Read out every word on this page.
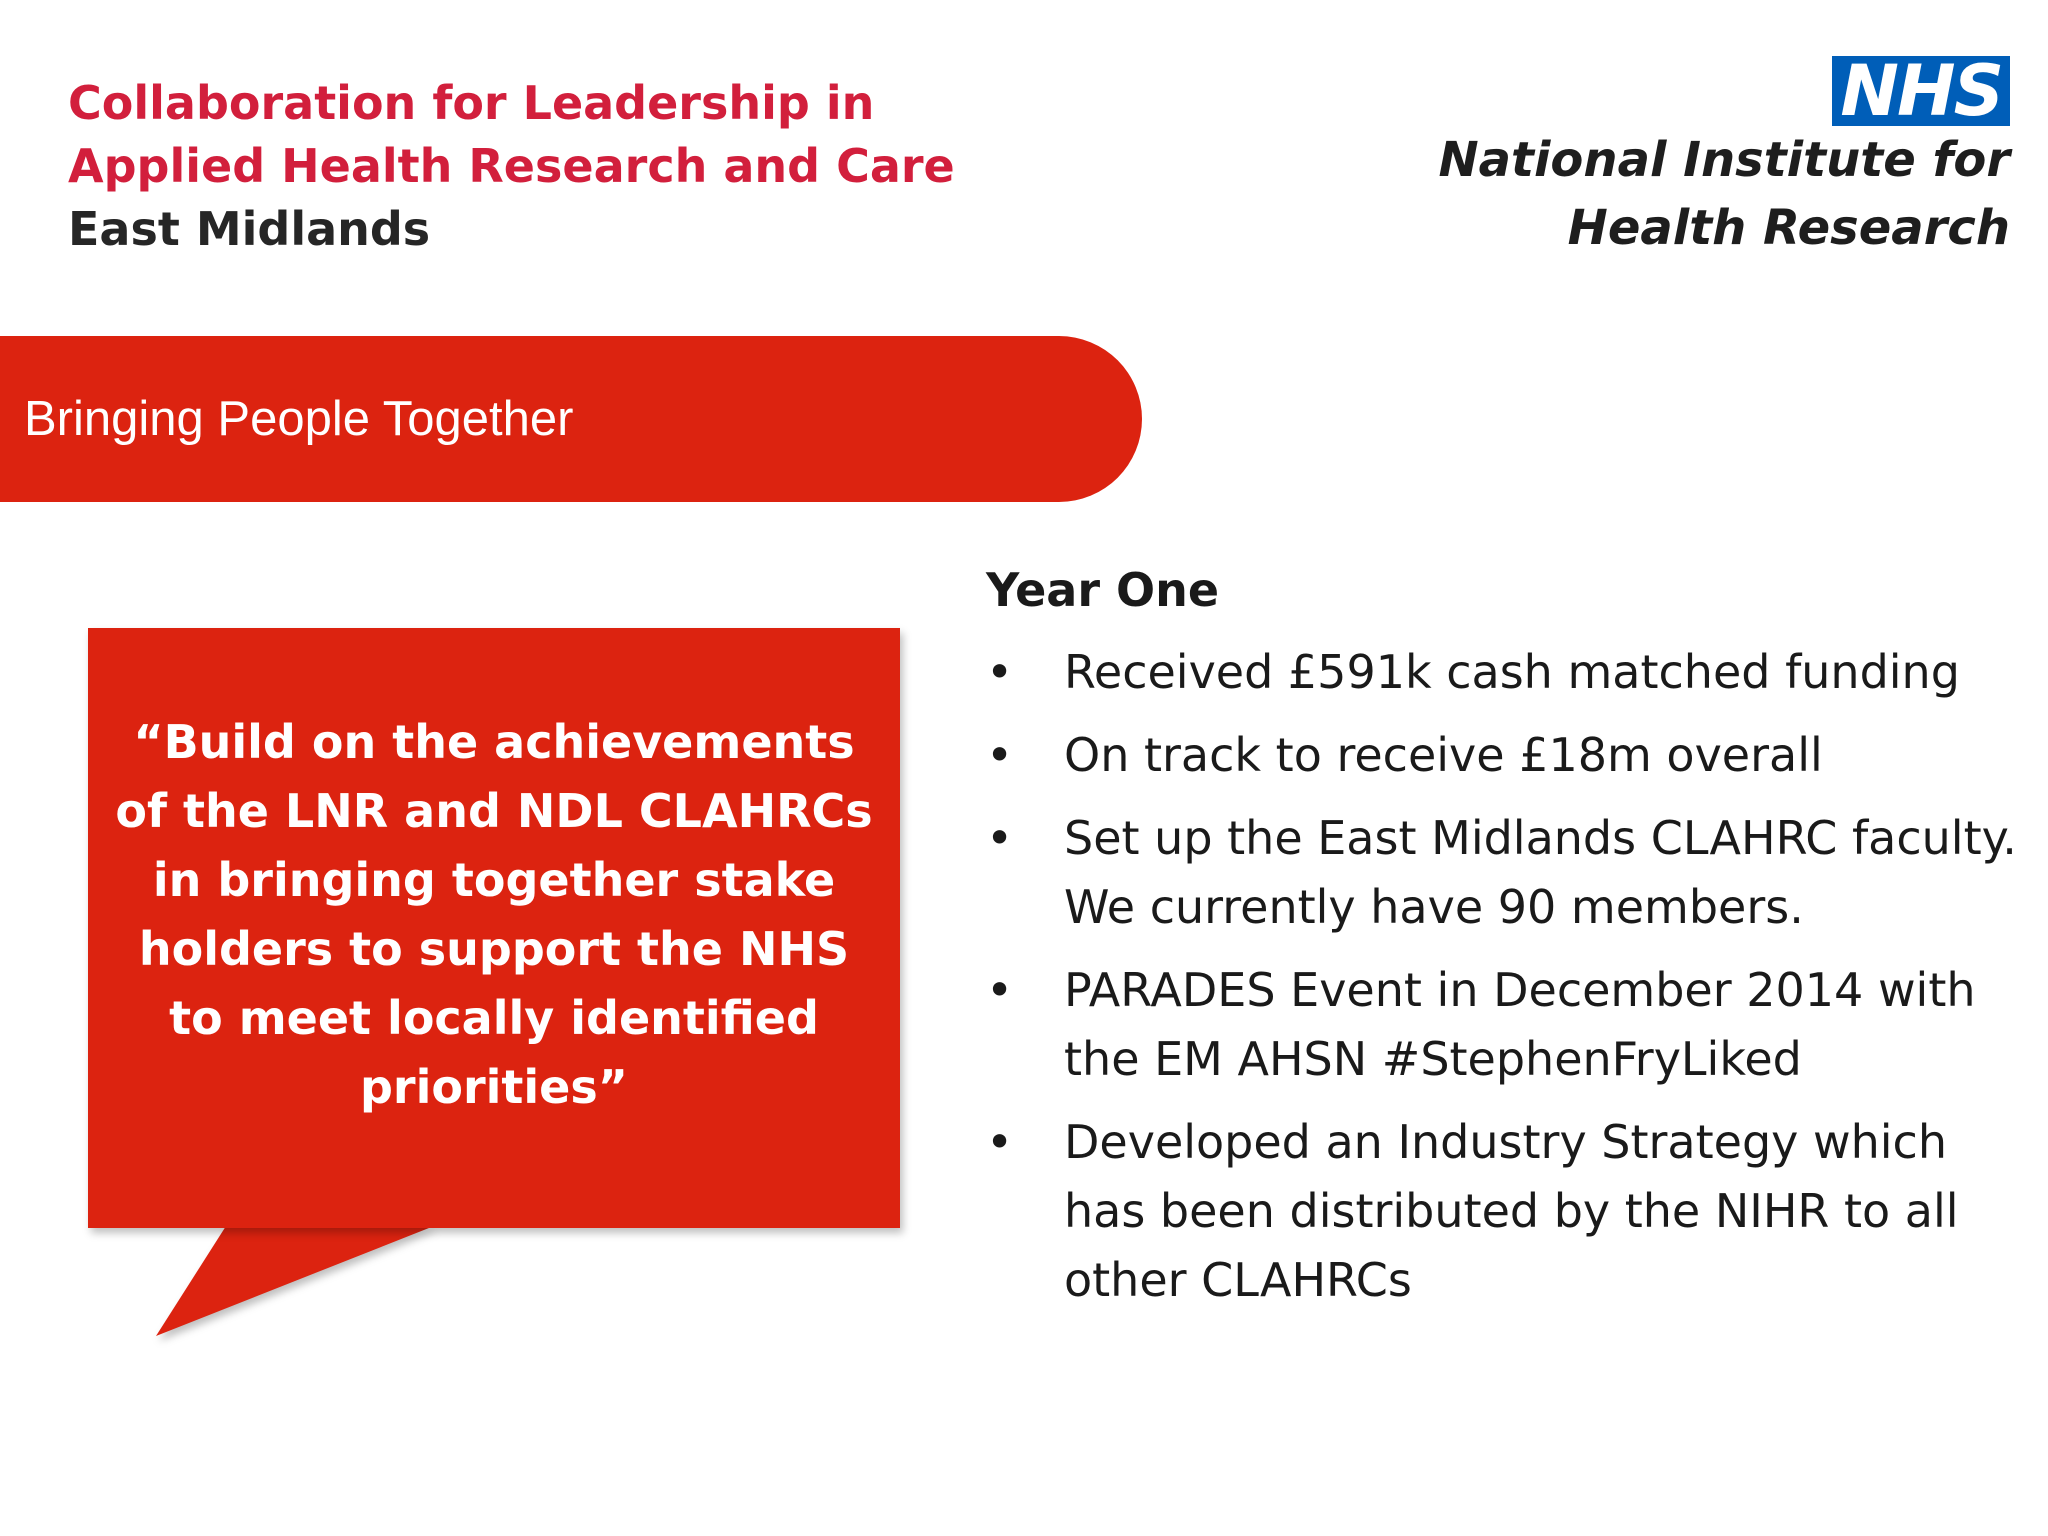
Collaboration for Leadership in
Applied Health Research and Care
East Midlands
NHS
National Institute for
Health Research
Bringing People Together
“Build on the achievements of the LNR and NDL CLAHRCs in bringing together stake holders to support the NHS to meet locally identified priorities”
Year One
• Received £591k cash matched funding
• On track to receive £18m overall
• Set up the East Midlands CLAHRC faculty. We currently have 90 members.
• PARADES Event in December 2014 with the EM AHSN #StephenFryLiked
• Developed an Industry Strategy which has been distributed by the NIHR to all other CLAHRCs
